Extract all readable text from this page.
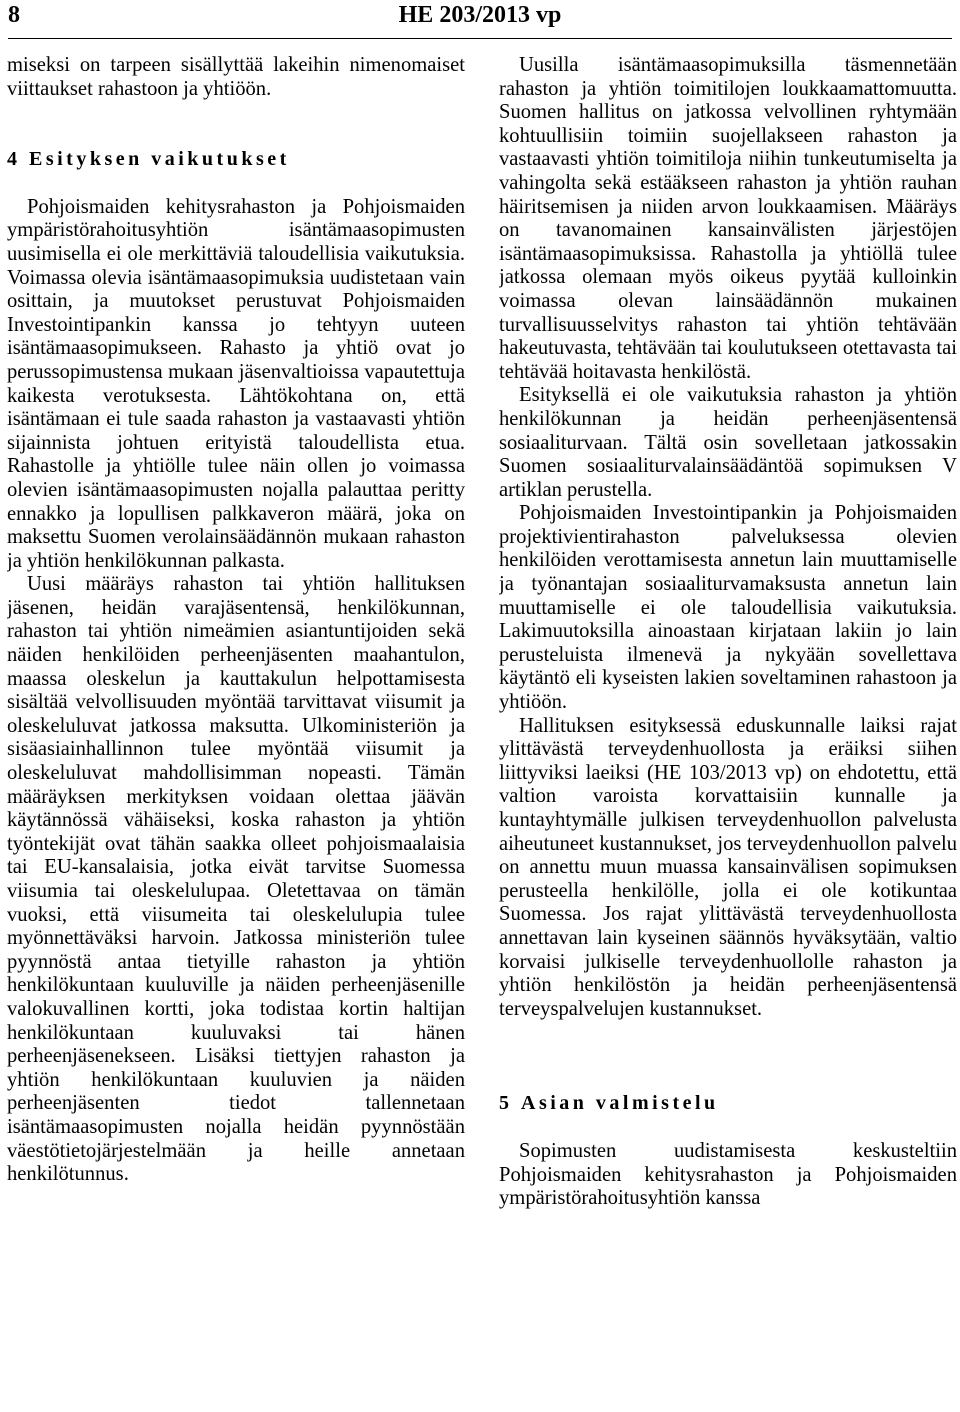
8	HE 203/2013 vp

miseksi on tarpeen sisällyttää lakeihin nimenomaiset viittaukset rahastoon ja yhtiöön.

4 Esityksen vaikutukset

Pohjoismaiden kehitysrahaston ja Pohjoismaiden ympäristörahoitusyhtiön isäntämaasopimusten uusimisella ei ole merkittäviä taloudellisia vaikutuksia. Voimassa olevia isäntämaasopimuksia uudistetaan vain osittain, ja muutokset perustuvat Pohjoismaiden Investointipankin kanssa jo tehtyyn uuteen isäntämaasopimukseen. Rahasto ja yhtiö ovat jo perussopimustensa mukaan jäsenvaltioissa vapautettuja kaikesta verotuksesta. Lähtökohtana on, että isäntämaan ei tule saada rahaston ja vastaavasti yhtiön sijainnista johtuen erityistä taloudellista etua. Rahastolle ja yhtiölle tulee näin ollen jo voimassa olevien isäntämaasopimusten nojalla palauttaa peritty ennakko ja lopullisen palkkaveron määrä, joka on maksettu Suomen verolainsäädännön mukaan rahaston ja yhtiön henkilökunnan palkasta.

Uusi määräys rahaston tai yhtiön hallituksen jäsenen, heidän varajäsentensä, henkilökunnan, rahaston tai yhtiön nimeämien asiantuntijoiden sekä näiden henkilöiden perheenjäsenten maahantulon, maassa oleskelun ja kauttakulun helpottamisesta sisältää velvollisuuden myöntää tarvittavat viisumit ja oleskeluluvat jatkossa maksutta. Ulkoministeriön ja sisäasiainhallinnon tulee myöntää viisumit ja oleskeluluvat mahdollisimman nopeasti. Tämän määräyksen merkityksen voidaan olettaa jäävän käytännössä vähäiseksi, koska rahaston ja yhtiön työntekijät ovat tähän saakka olleet pohjoismaalaisia tai EU-kansalaisia, jotka eivät tarvitse Suomessa viisumia tai oleskelulupaa. Oletettavaa on tämän vuoksi, että viisumeita tai oleskelulupia tulee myönnettäväksi harvoin. Jatkossa ministeriön tulee pyynnöstä antaa tietyille rahaston ja yhtiön henkilökuntaan kuuluville ja näiden perheenjäsenille valokuvallinen kortti, joka todistaa kortin haltijan henkilökuntaan kuuluvaksi tai hänen perheenjäsenekseen. Lisäksi tiettyjen rahaston ja yhtiön henkilökuntaan kuuluvien ja näiden perheenjäsenten tiedot tallennetaan isäntämaasopimusten nojalla heidän pyynnöstään väestötietojärjestelmään ja heille annetaan henkilötunnus.

Uusilla isäntämaasopimuksilla täsmennetään rahaston ja yhtiön toimitilojen loukkaamattomuutta. Suomen hallitus on jatkossa velvollinen ryhtymään kohtuullisiin toimiin suojellakseen rahaston ja vastaavasti yhtiön toimitiloja niihin tunkeutumiselta ja vahingolta sekä estääkseen rahaston ja yhtiön rauhan häiritsemisen ja niiden arvon loukkaamisen. Määräys on tavanomainen kansainvälisten järjestöjen isäntämaasopimuksissa. Rahastolla ja yhtiöllä tulee jatkossa olemaan myös oikeus pyytää kulloinkin voimassa olevan lainsäädännön mukainen turvallisuusselvitys rahaston tai yhtiön tehtävään hakeutuvasta, tehtävään tai koulutukseen otettavasta tai tehtävää hoitavasta henkilöstä.

Esityksellä ei ole vaikutuksia rahaston ja yhtiön henkilökunnan ja heidän perheenjäsentensä sosiaaliturvaan. Tältä osin sovelletaan jatkossakin Suomen sosiaaliturvalainsäädäntöä sopimuksen V artiklan perustella.

Pohjoismaiden Investointipankin ja Pohjoismaiden projektivientirahaston palveluksessa olevien henkilöiden verottamisesta annetun lain muuttamiselle ja työnantajan sosiaaliturvamaksusta annetun lain muuttamiselle ei ole taloudellisia vaikutuksia. Lakimuutoksilla ainoastaan kirjataan lakiin jo lain perusteluista ilmenevä ja nykyään sovellettava käytäntö eli kyseisten lakien soveltaminen rahastoon ja yhtiöön.

Hallituksen esityksessä eduskunnalle laiksi rajat ylittävästä terveydenhuollosta ja eräiksi siihen liittyviksi laeiksi (HE 103/2013 vp) on ehdotettu, että valtion varoista korvattaisiin kunnalle ja kuntayhtymälle julkisen terveydenhuollon palvelusta aiheutuneet kustannukset, jos terveydenhuollon palvelu on annettu muun muassa kansainvälisen sopimuksen perusteella henkilölle, jolla ei ole kotikuntaa Suomessa. Jos rajat ylittävästä terveydenhuollosta annettavan lain kyseinen säännös hyväksytään, valtio korvaisi julkiselle terveydenhuollolle rahaston ja yhtiön henkilöstön ja heidän perheenjäsentensä terveyspalvelujen kustannukset.

5 Asian valmistelu

Sopimusten uudistamisesta keskusteltiin Pohjoismaiden kehitysrahaston ja Pohjoismaiden ympäristörahoitusyhtiön kanssa
